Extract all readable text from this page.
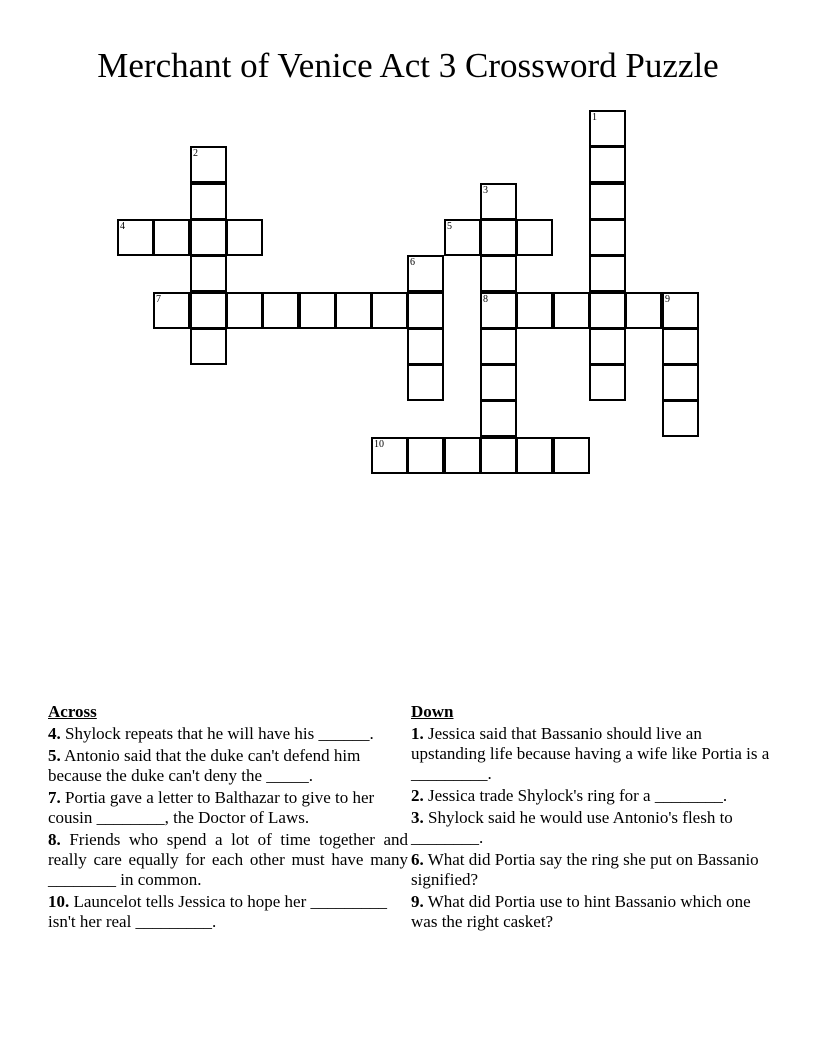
Merchant of Venice Act 3 Crossword Puzzle
1
2
3
8
4	5
6
7	9
10
Across
4. Shylock repeats that he will have his ______.
5. Antonio said that the duke can't defend him because the duke can't deny the _____.
7. Portia gave a letter to Balthazar to give to her cousin ________, the Doctor of Laws.
8. Friends who spend a lot of time together and really care equally for each other must have many ________ in common.
10. Launcelot tells Jessica to hope her _________ isn't her real _________.
Down
1. Jessica said that Bassanio should live an upstanding life because having a wife like Portia is a _________.
2. Jessica trade Shylock's ring for a ________.
3. Shylock said he would use Antonio's flesh to ________.
6. What did Portia say the ring she put on Bassanio signified?
9. What did Portia use to hint Bassanio which one was the right casket?
